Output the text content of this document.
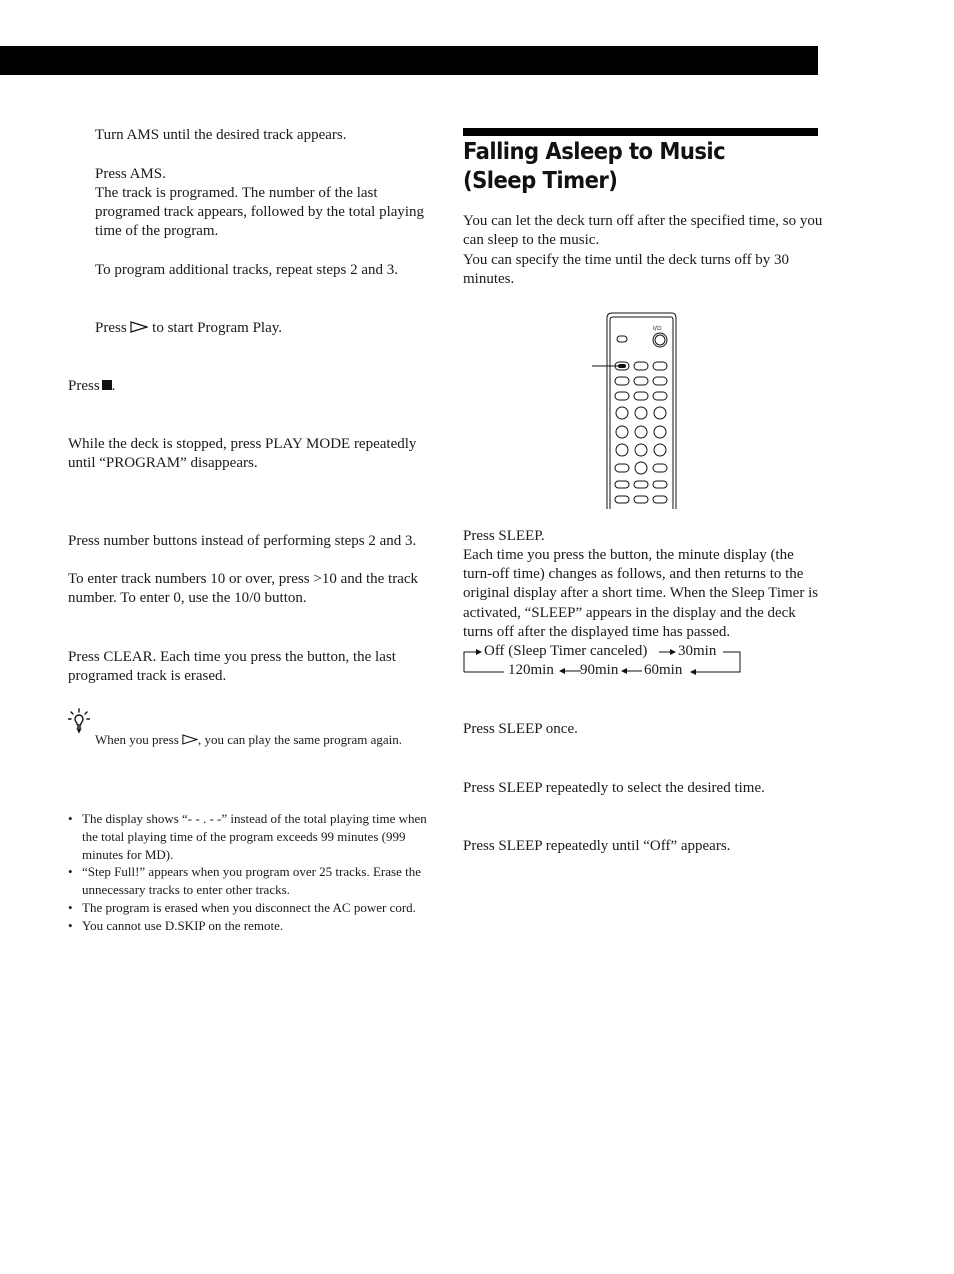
Turn AMS until the desired track appears.

Press AMS.

The track is programed. The number of the last programed track appears, followed by the total playing time of the program.

To program additional tracks, repeat steps 2 and 3.

Press to start Program Play.

Press .

While the deck is stopped, press PLAY MODE repeatedly until “PROGRAM” disappears.

Press number buttons instead of performing steps 2 and 3.

To enter track numbers 10 or over, press >10 and the track number. To enter 0, use the 10/0 button.

Press CLEAR. Each time you press the button, the last programed track is erased.

When you press , you can play the same program again.

• The display shows “- - . - -” instead of the total playing time when the total playing time of the program exceeds 99 minutes (999 minutes for MD).
• “Step Full!” appears when you program over 25 tracks. Erase the unnecessary tracks to enter other tracks.
• The program is erased when you disconnect the AC power cord.
• You cannot use D.SKIP on the remote.
Falling Asleep to Music (Sleep Timer)

You can let the deck turn off after the specified time, so you can sleep to the music.

You can specify the time until the deck turns off by 30 minutes.

I/⏻

Press SLEEP.

Each time you press the button, the minute display (the turn-off time) changes as follows, and then returns to the original display after a short time. When the Sleep Timer is activated, “SLEEP” appears in the display and the deck turns off after the displayed time has passed.

Off (Sleep Timer canceled) 30min
120min 90min 60min

Press SLEEP once.

Press SLEEP repeatedly to select the desired time.

Press SLEEP repeatedly until “Off” appears.
